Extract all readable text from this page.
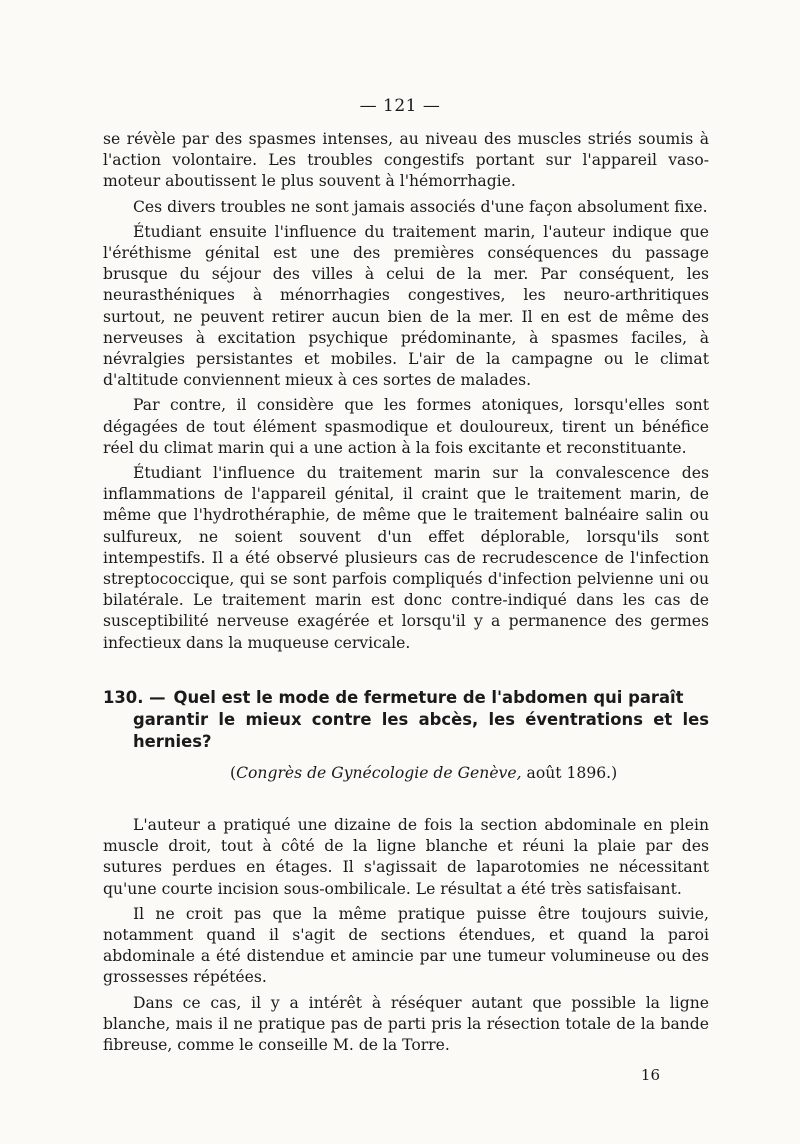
— 121 —

se révèle par des spasmes intenses, au niveau des muscles striés soumis à l'action volontaire. Les troubles congestifs portant sur l'appareil vaso-moteur aboutissent le plus souvent à l'hémorrhagie.

Ces divers troubles ne sont jamais associés d'une façon absolument fixe.

Étudiant ensuite l'influence du traitement marin, l'auteur indique que l'éréthisme génital est une des premières conséquences du passage brusque du séjour des villes à celui de la mer. Par conséquent, les neurasthéniques à ménorrhagies congestives, les neuro-arthritiques surtout, ne peuvent retirer aucun bien de la mer. Il en est de même des nerveuses à excitation psychique prédominante, à spasmes faciles, à névralgies persistantes et mobiles. L'air de la campagne ou le climat d'altitude conviennent mieux à ces sortes de malades.

Par contre, il considère que les formes atoniques, lorsqu'elles sont dégagées de tout élément spasmodique et douloureux, tirent un bénéfice réel du climat marin qui a une action à la fois excitante et reconstituante.

Étudiant l'influence du traitement marin sur la convalescence des inflammations de l'appareil génital, il craint que le traitement marin, de même que l'hydrothéraphie, de même que le traitement balnéaire salin ou sulfureux, ne soient souvent d'un effet déplorable, lorsqu'ils sont intempestifs. Il a été observé plusieurs cas de recrudescence de l'infection streptococcique, qui se sont parfois compliqués d'infection pelvienne uni ou bilatérale. Le traitement marin est donc contre-indiqué dans les cas de susceptibilité nerveuse exagérée et lorsqu'il y a permanence des germes infectieux dans la muqueuse cervicale.

130. — Quel est le mode de fermeture de l'abdomen qui paraît
garantir le mieux contre les abcès, les éventrations et les hernies?
(Congrès de Gynécologie de Genève, août 1896.)

L'auteur a pratiqué une dizaine de fois la section abdominale en plein muscle droit, tout à côté de la ligne blanche et réuni la plaie par des sutures perdues en étages. Il s'agissait de laparotomies ne nécessitant qu'une courte incision sous-ombilicale. Le résultat a été très satisfaisant.

Il ne croit pas que la même pratique puisse être toujours suivie, notamment quand il s'agit de sections étendues, et quand la paroi abdominale a été distendue et amincie par une tumeur volumineuse ou des grossesses répétées.

Dans ce cas, il y a intérêt à réséquer autant que possible la ligne blanche, mais il ne pratique pas de parti pris la résection totale de la bande fibreuse, comme le conseille M. de la Torre.

16
